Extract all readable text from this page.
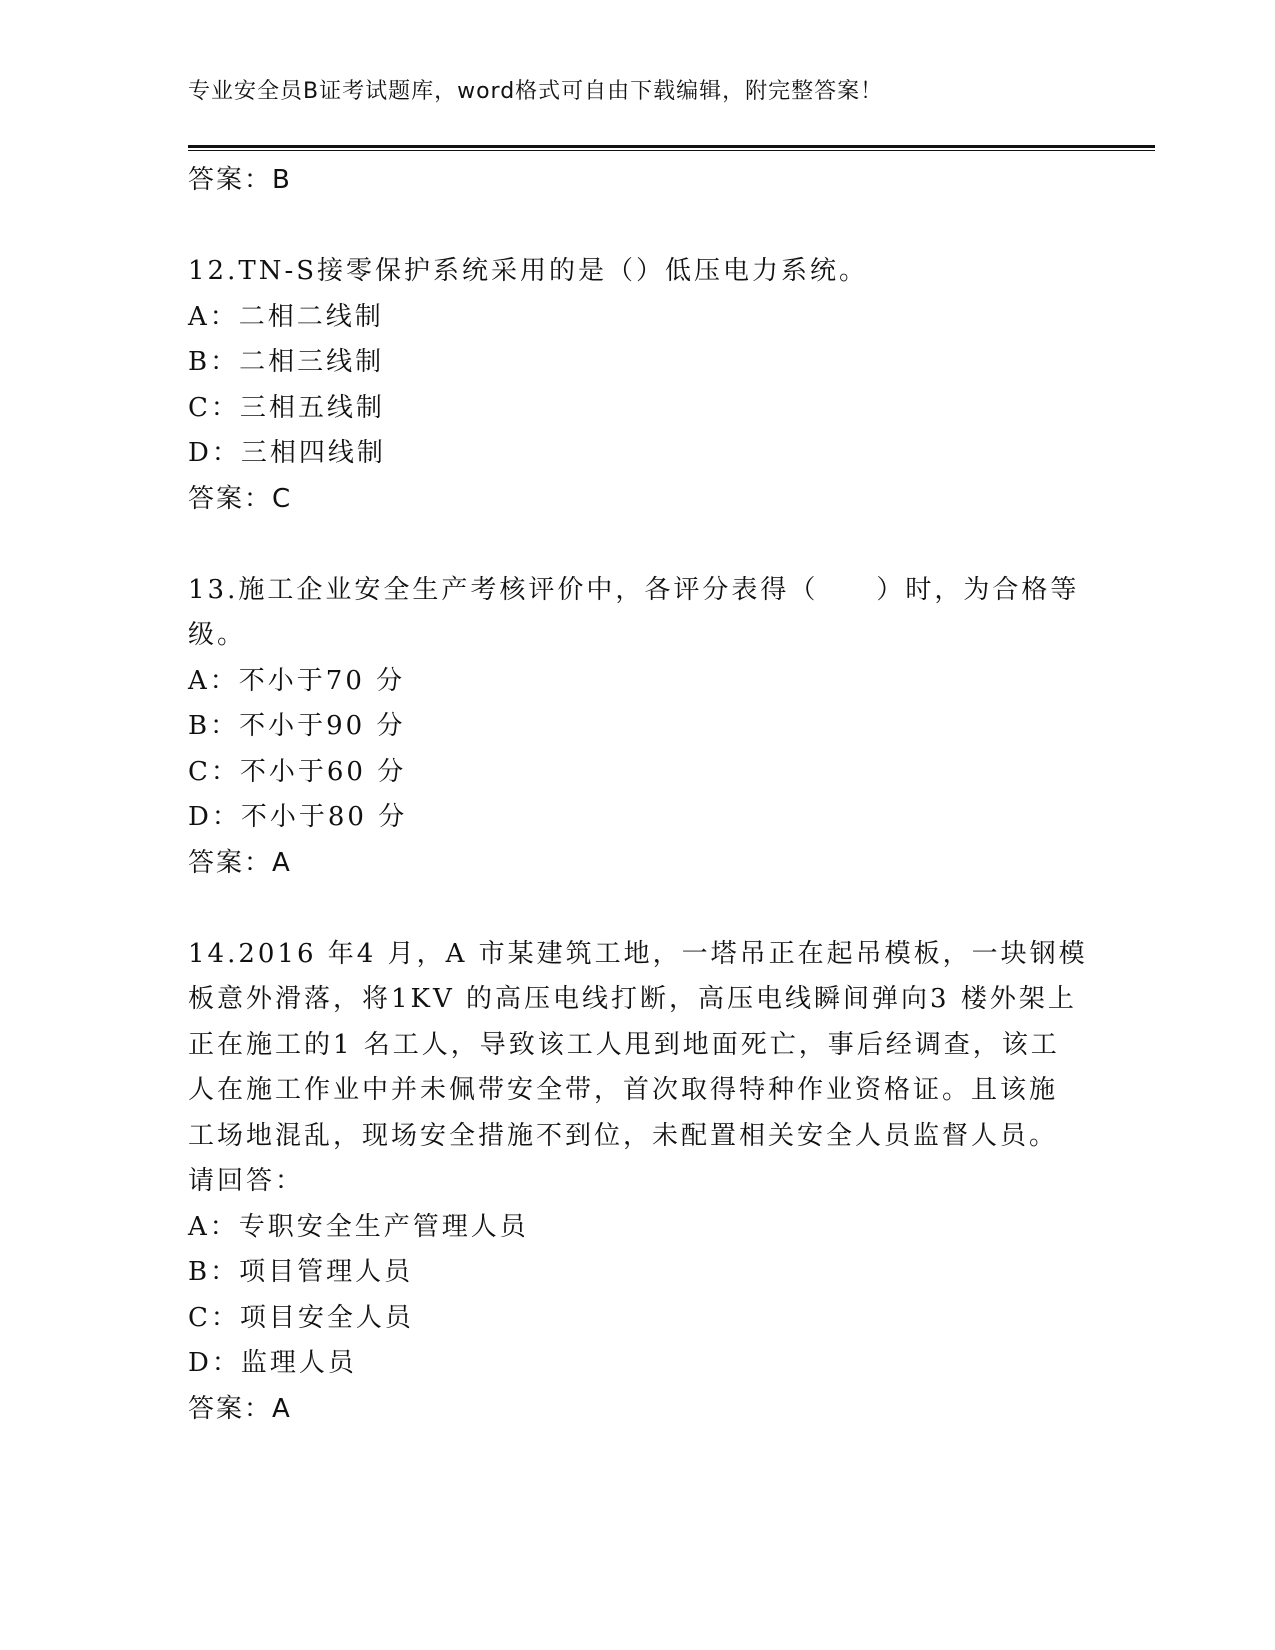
专业安全员B证考试题库，word格式可自由下载编辑，附完整答案！
答案：B
12.TN-S接零保护系统采用的是（）低压电力系统。
A：二相二线制
B：二相三线制
C：三相五线制
D：三相四线制
答案：C
13.施工企业安全生产考核评价中，各评分表得（　　）时，为合格等
级。
A：不小于70 分
B：不小于90 分
C：不小于60 分
D：不小于80 分
答案：A
14.2016 年4 月，A 市某建筑工地，一塔吊正在起吊模板，一块钢模
板意外滑落，将1KV 的高压电线打断，高压电线瞬间弹向3 楼外架上
正在施工的1 名工人，导致该工人甩到地面死亡，事后经调查，该工
人在施工作业中并未佩带安全带，首次取得特种作业资格证。且该施
工场地混乱，现场安全措施不到位，未配置相关安全人员监督人员。
请回答：
A：专职安全生产管理人员
B：项目管理人员
C：项目安全人员
D：监理人员
答案：A
